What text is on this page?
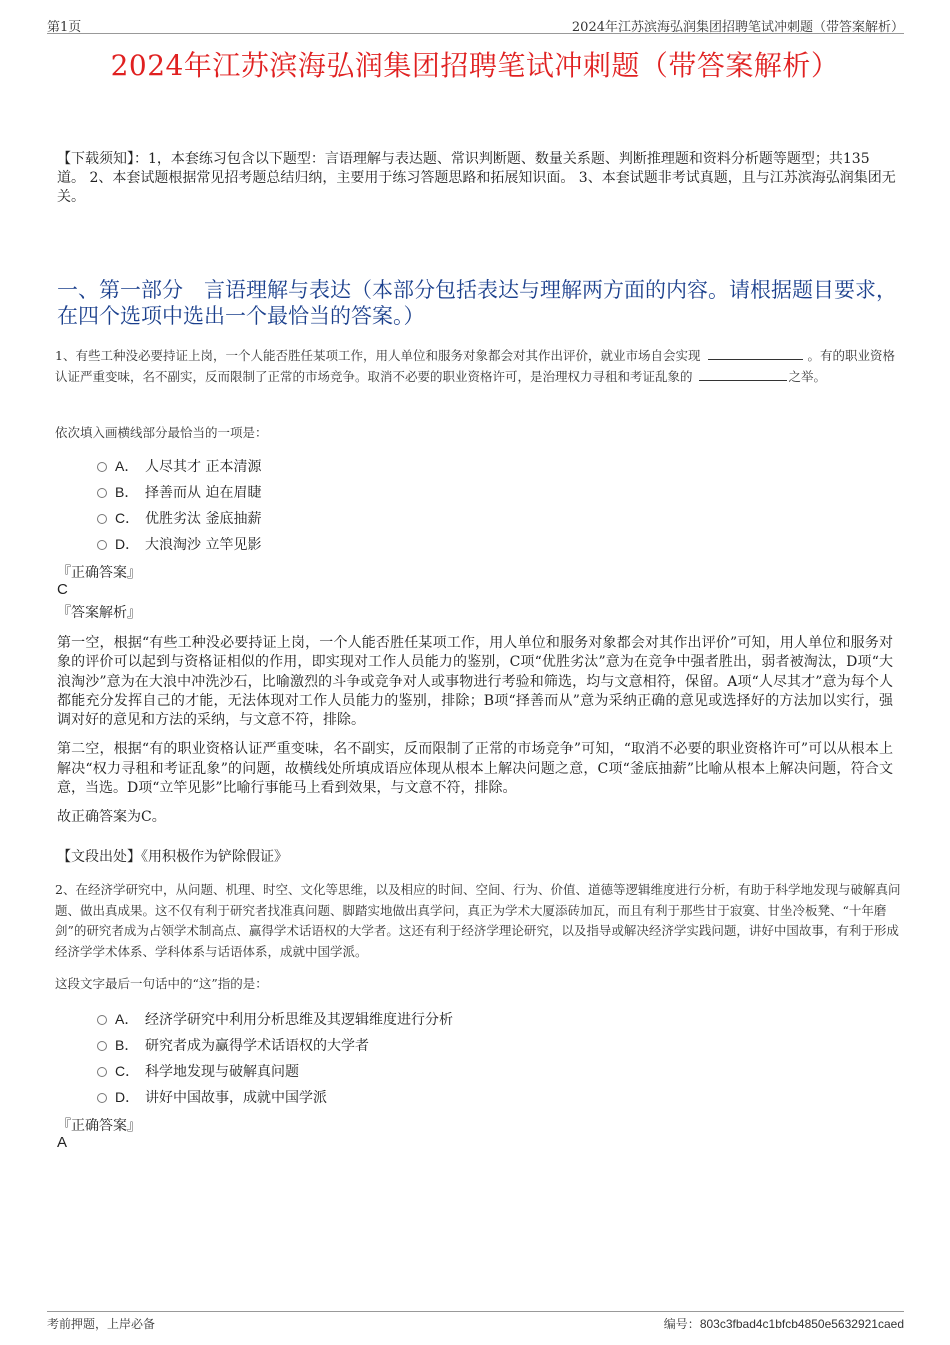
第1页	2024年江苏滨海弘润集团招聘笔试冲刺题（带答案解析）
2024年江苏滨海弘润集团招聘笔试冲刺题（带答案解析）
【下载须知】：1，本套练习包含以下题型：言语理解与表达题、常识判断题、数量关系题、判断推理题和资料分析题等题型；共135道。 2、本套试题根据常见招考题总结归纳，主要用于练习答题思路和拓展知识面。 3、本套试题非考试真题，且与江苏滨海弘润集团无关。
一、第一部分　言语理解与表达（本部分包括表达与理解两方面的内容。请根据题目要求，在四个选项中选出一个最恰当的答案。）
1、有些工种没必要持证上岗，一个人能否胜任某项工作，用人单位和服务对象都会对其作出评价，就业市场自会实现	。有的职业资格认证严重变味，名不副实，反而限制了正常的市场竞争。取消不必要的职业资格许可，是治理权力寻租和考证乱象的	之举。
依次填入画横线部分最恰当的一项是：
A． 人尽其才 正本清源
B． 择善而从 迫在眉睫
C． 优胜劣汰 釜底抽薪
D． 大浪淘沙 立竿见影
『正确答案』
C
『答案解析』

第一空，根据“有些工种没必要持证上岗，一个人能否胜任某项工作，用人单位和服务对象都会对其作出评价”可知，用人单位和服务对象的评价可以起到与资格证相似的作用，即实现对工作人员能力的鉴别，C项“优胜劣汰”意为在竞争中强者胜出，弱者被淘汰，D项“大浪淘沙”意为在大浪中冲洗沙石，比喻激烈的斗争或竞争对人或事物进行考验和筛选，均与文意相符，保留。A项“人尽其才”意为每个人都能充分发挥自己的才能，无法体现对工作人员能力的鉴别，排除；B项“择善而从”意为采纳正确的意见或选择好的方法加以实行，强调对好的意见和方法的采纳，与文意不符，排除。

第二空，根据“有的职业资格认证严重变味，名不副实，反而限制了正常的市场竞争”可知，“取消不必要的职业资格许可”可以从根本上解决“权力寻租和考证乱象”的问题，故横线处所填成语应体现从根本上解决问题之意，C项“釜底抽薪”比喻从根本上解决问题，符合文意，当选。D项“立竿见影”比喻行事能马上看到效果，与文意不符，排除。

故正确答案为C。

【文段出处】《用积极作为铲除假证》
2、在经济学研究中，从问题、机理、时空、文化等思维，以及相应的时间、空间、行为、价值、道德等逻辑维度进行分析，有助于科学地发现与破解真问题、做出真成果。这不仅有利于研究者找准真问题、脚踏实地做出真学问，真正为学术大厦添砖加瓦，而且有利于那些甘于寂寞、甘坐冷板凳、“十年磨剑”的研究者成为占领学术制高点、赢得学术话语权的大学者。这还有利于经济学理论研究，以及指导或解决经济学实践问题，讲好中国故事，有利于形成经济学学术体系、学科体系与话语体系，成就中国学派。
这段文字最后一句话中的“这”指的是：
A． 经济学研究中利用分析思维及其逻辑维度进行分析
B． 研究者成为赢得学术话语权的大学者
C． 科学地发现与破解真问题
D． 讲好中国故事，成就中国学派
『正确答案』
A
考前押题，上岸必备	编号：803c3fbad4c1bfcb4850e5632921caed
